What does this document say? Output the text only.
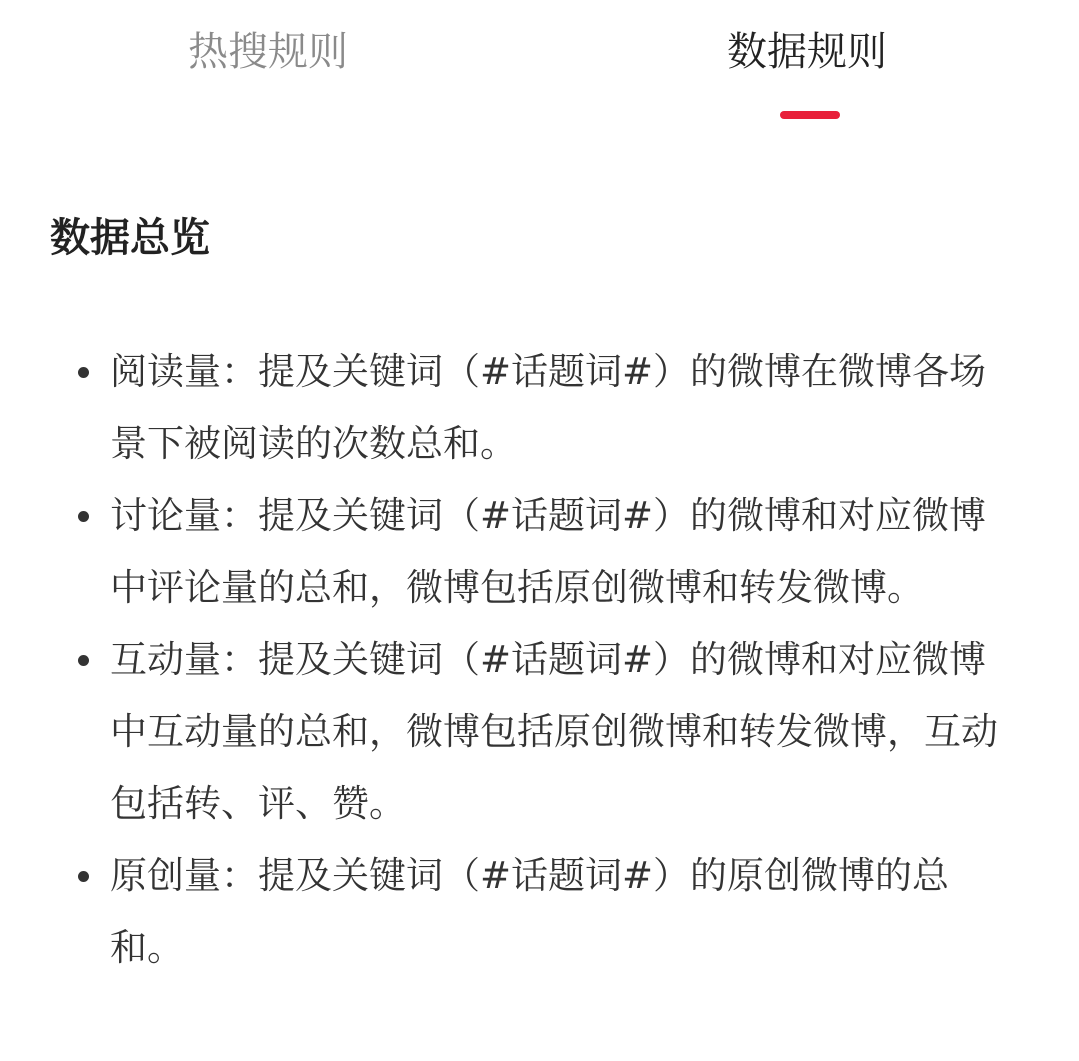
热搜规则	数据规则
数据总览
阅读量：提及关键词（#话题词#）的微博在微博各场景下被阅读的次数总和。
讨论量：提及关键词（#话题词#）的微博和对应微博中评论量的总和，微博包括原创微博和转发微博。
互动量：提及关键词（#话题词#）的微博和对应微博中互动量的总和，微博包括原创微博和转发微博，互动包括转、评、赞。
原创量：提及关键词（#话题词#）的原创微博的总和。
